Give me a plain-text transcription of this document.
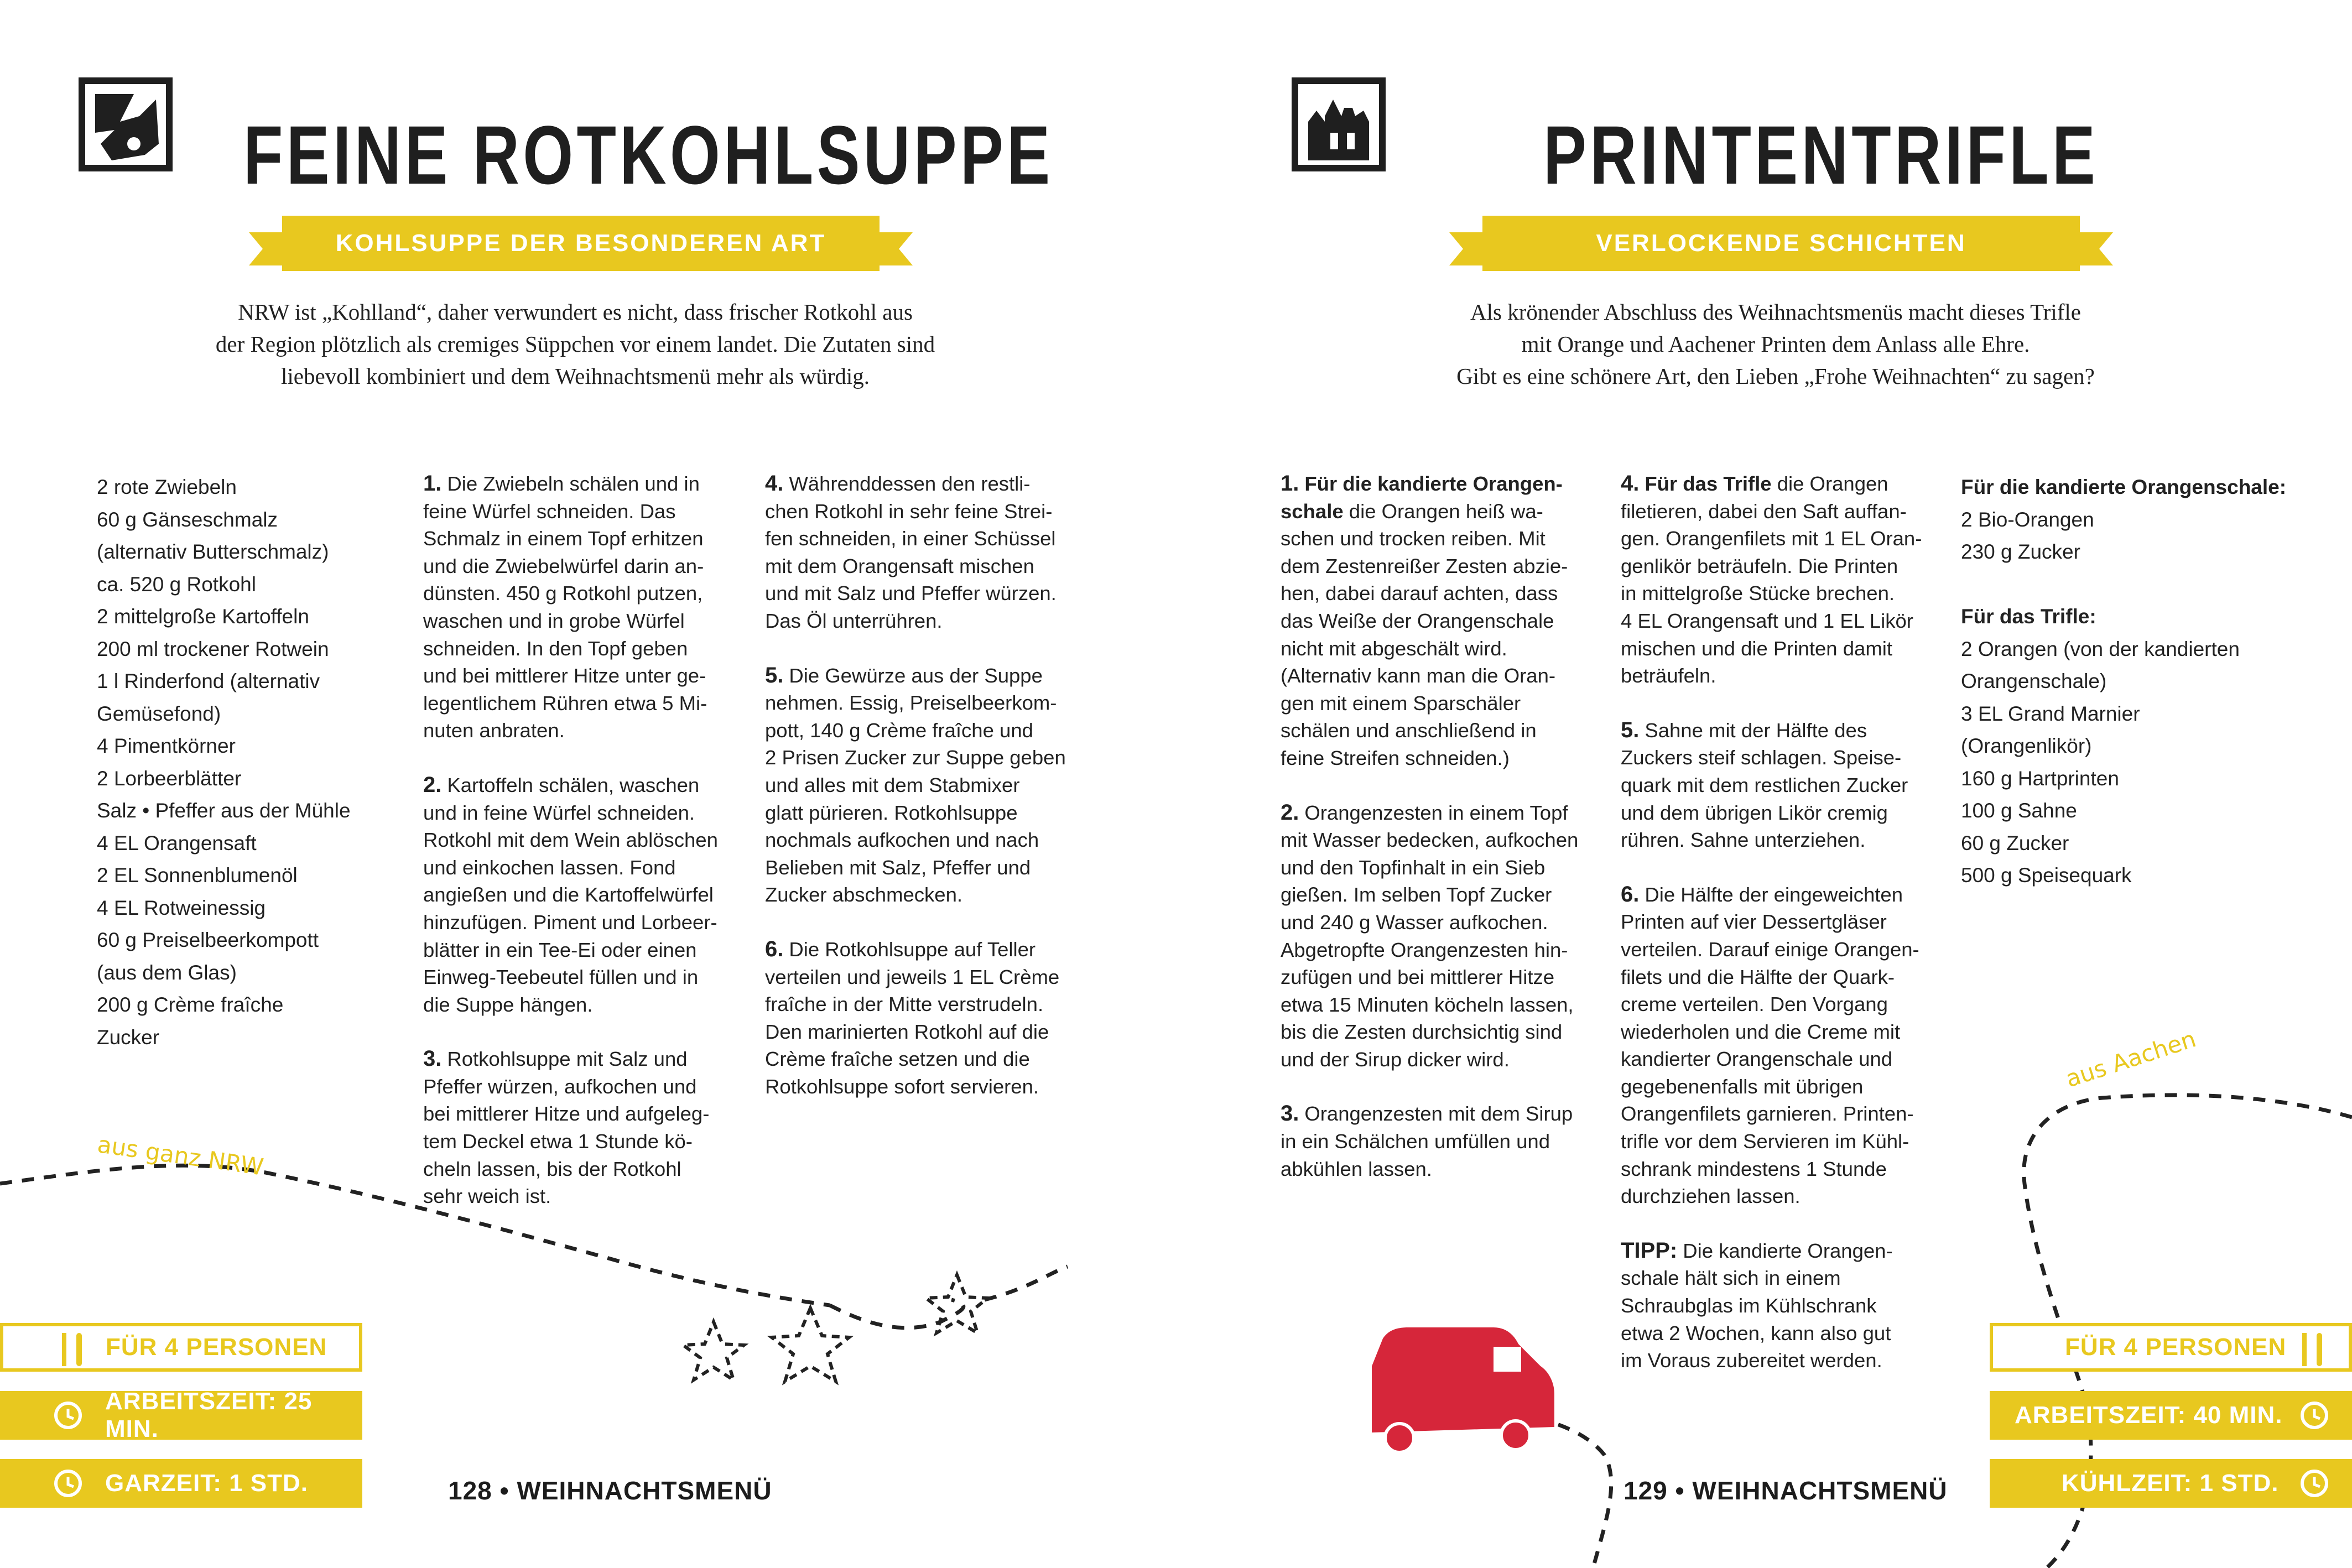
FEINE ROTKOHLSUPPE
KOHLSUPPE DER BESONDEREN ART
NRW ist „Kohlland“, daher verwundert es nicht, dass frischer Rotkohl aus
der Region plötzlich als cremiges Süppchen vor einem landet. Die Zutaten sind
liebevoll kombiniert und dem Weihnachtsmenü mehr als würdig.
2 rote Zwiebeln
60 g Gänseschmalz
(alternativ Butterschmalz)
ca. 520 g Rotkohl
2 mittelgroße Kartoffeln
200 ml trockener Rotwein
1 l Rinderfond (alternativ
Gemüsefond)
4 Pimentkörner
2 Lorbeerblätter
Salz • Pfeffer aus der Mühle
4 EL Orangensaft
2 EL Sonnenblumenöl
4 EL Rotweinessig
60 g Preiselbeerkompott
(aus dem Glas)
200 g Crème fraîche
Zucker
1. Die Zwiebeln schälen und in
feine Würfel schneiden. Das
Schmalz in einem Topf erhitzen
und die Zwiebelwürfel darin an-
dünsten. 450 g Rotkohl putzen,
waschen und in grobe Würfel
schneiden. In den Topf geben
und bei mittlerer Hitze unter ge-
legentlichem Rühren etwa 5 Mi-
nuten anbraten.
2. Kartoffeln schälen, waschen
und in feine Würfel schneiden.
Rotkohl mit dem Wein ablöschen
und einkochen lassen. Fond
angießen und die Kartoffelwürfel
hinzufügen. Piment und Lorbeer-
blätter in ein Tee-Ei oder einen
Einweg-Teebeutel füllen und in
die Suppe hängen.
3. Rotkohlsuppe mit Salz und
Pfeffer würzen, aufkochen und
bei mittlerer Hitze und aufgeleg-
tem Deckel etwa 1 Stunde kö-
cheln lassen, bis der Rotkohl
sehr weich ist.
4. Währenddessen den restli-
chen Rotkohl in sehr feine Strei-
fen schneiden, in einer Schüssel
mit dem Orangensaft mischen
und mit Salz und Pfeffer würzen.
Das Öl unterrühren.
5. Die Gewürze aus der Suppe
nehmen. Essig, Preiselbeerkom-
pott, 140 g Crème fraîche und
2 Prisen Zucker zur Suppe geben
und alles mit dem Stabmixer
glatt pürieren. Rotkohlsuppe
nochmals aufkochen und nach
Belieben mit Salz, Pfeffer und
Zucker abschmecken.
6. Die Rotkohlsuppe auf Teller
verteilen und jeweils 1 EL Crème
fraîche in der Mitte verstrudeln.
Den marinierten Rotkohl auf die
Crème fraîche setzen und die
Rotkohlsuppe sofort servieren.
aus ganz NRW
FÜR 4 PERSONEN
ARBEITSZEIT: 25 MIN.
GARZEIT: 1 STD.	128 • WEIHNACHTSMENÜ
PRINTENTRIFLE
VERLOCKENDE SCHICHTEN
Als krönender Abschluss des Weihnachtsmenüs macht dieses Trifle
mit Orange und Aachener Printen dem Anlass alle Ehre.
Gibt es eine schönere Art, den Lieben „Frohe Weihnachten“ zu sagen?
1. Für die kandierte Orangen-
schale die Orangen heiß wa-
schen und trocken reiben. Mit
dem Zestenreißer Zesten abzie-
hen, dabei darauf achten, dass
das Weiße der Orangenschale
nicht mit abgeschält wird.
(Alternativ kann man die Oran-
gen mit einem Sparschäler
schälen und anschließend in
feine Streifen schneiden.)
2. Orangenzesten in einem Topf
mit Wasser bedecken, aufkochen
und den Topfinhalt in ein Sieb
gießen. Im selben Topf Zucker
und 240 g Wasser aufkochen.
Abgetropfte Orangenzesten hin-
zufügen und bei mittlerer Hitze
etwa 15 Minuten köcheln lassen,
bis die Zesten durchsichtig sind
und der Sirup dicker wird.
3. Orangenzesten mit dem Sirup
in ein Schälchen umfüllen und
abkühlen lassen.
4. Für das Trifle die Orangen
filetieren, dabei den Saft auffan-
gen. Orangenfilets mit 1 EL Oran-
genlikör beträufeln. Die Printen
in mittelgroße Stücke brechen.
4 EL Orangensaft und 1 EL Likör
mischen und die Printen damit
beträufeln.
5. Sahne mit der Hälfte des
Zuckers steif schlagen. Speise-
quark mit dem restlichen Zucker
und dem übrigen Likör cremig
rühren. Sahne unterziehen.
6. Die Hälfte der eingeweichten
Printen auf vier Dessertgläser
verteilen. Darauf einige Orangen-
filets und die Hälfte der Quark-
creme verteilen. Den Vorgang
wiederholen und die Creme mit
kandierter Orangenschale und
gegebenenfalls mit übrigen
Orangenfilets garnieren. Printen-
trifle vor dem Servieren im Kühl-
schrank mindestens 1 Stunde
durchziehen lassen.
TIPP: Die kandierte Orangen-
schale hält sich in einem
Schraubglas im Kühlschrank
etwa 2 Wochen, kann also gut
im Voraus zubereitet werden.
Für die kandierte Orangenschale:
2 Bio-Orangen
230 g Zucker
Für das Trifle:
2 Orangen (von der kandierten
Orangenschale)
3 EL Grand Marnier
(Orangenlikör)
160 g Hartprinten
100 g Sahne
60 g Zucker
500 g Speisequark
aus Aachen
FÜR 4 PERSONEN
ARBEITSZEIT: 40 MIN.
KÜHLZEIT: 1 STD.
129 • WEIHNACHTSMENÜ
